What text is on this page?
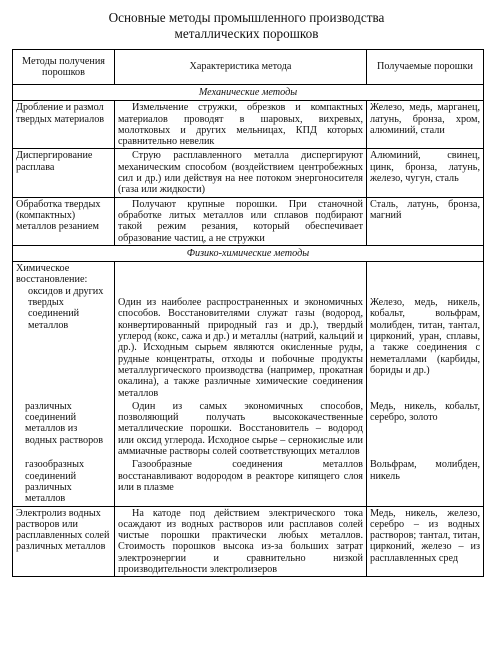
Основные методы промышленного производства
металлических порошков
Методы получения порошков	Характеристика метода	Получаемые порошки
Механические методы		
Дробление и размол твердых материалов	Измельчение стружки, обрезков и компактных материалов проводят в шаровых, вихревых, молотковых и других мельницах, КПД которых сравнительно невелик	Железо, медь, марганец, латунь, бронза, хром, алюминий, стали
Диспергирование расплава	Струю расплавленного металла диспергируют механическим способом (воздействием центробежных сил и др.) или действуя на нее потоком энергоносителя (газа или жидкости)	Алюминий, свинец, цинк, бронза, латунь, железо, чугун, сталь
Обработка твердых (компактных) металлов резанием	Получают крупные порошки. При станочной обработке литых металлов или сплавов подбирают такой режим резания, который обеспечивает образование частиц, а не стружки	Сталь, латунь, бронза, магний
Физико-химические методы		

Химическое восстановление:
оксидов и других твердых соединений металлов	Один из наиболее распространенных и экономичных способов. Восстановителями служат газы (водород, конвертированный природный газ и др.), твердый углерод (кокс, сажа и др.) и металлы (натрий, кальций и др.). Исходным сырьем являются окисленные руды, рудные концентраты, отходы и побочные продукты металлургического производства (например, прокатная окалина), а также различные химические соединения металлов	Железо, медь, никель, кобальт, вольфрам, молибден, титан, тантал, цирконий, уран, сплавы, а также соединения с неметаллами (карбиды, бориды и др.)
различных соединений металлов из водных растворов	Один из самых экономичных способов, позволяющий получать высококачественные металлические порошки. Восстановитель – водород или оксид углерода. Исходное сырье – сернокислые или аммиачные растворы солей соответствующих металлов	Медь, никель, кобальт, серебро, золото
газообразных соединений различных металлов	Газообразные соединения металлов восстанавливают водородом в реакторе кипящего слоя или в плазме	Вольфрам, молибден, никель
Электролиз водных растворов или расплавленных солей различных металлов	На катоде под действием электрического тока осаждают из водных растворов или расплавов солей чистые порошки практически любых металлов. Стоимость порошков высока из-за больших затрат электроэнергии и сравнительно низкой производительности электролизеров	Медь, никель, железо, серебро – из водных растворов; тантал, титан, цирконий, железо – из расплавленных сред
